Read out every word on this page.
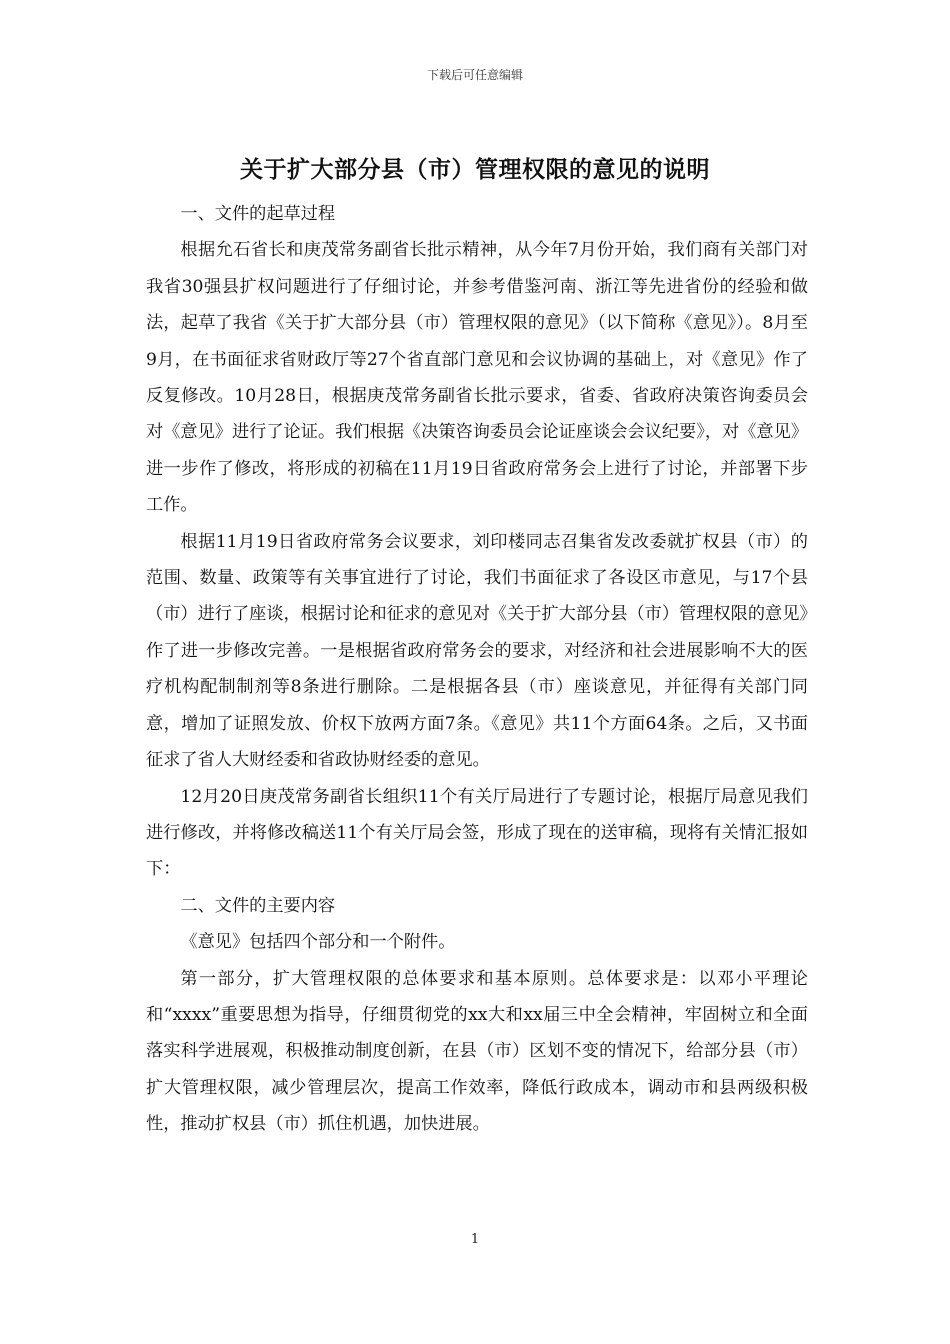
下载后可任意编辑
关于扩大部分县（市）管理权限的意见的说明

一、文件的起草过程

根据允石省长和庚茂常务副省长批示精神，从今年7月份开始，我们商有关部门对我省30强县扩权问题进行了仔细讨论，并参考借鉴河南、浙江等先进省份的经验和做法，起草了我省《关于扩大部分县（市）管理权限的意见》（以下简称《意见》）。8月至9月，在书面征求省财政厅等27个省直部门意见和会议协调的基础上，对《意见》作了反复修改。10月28日，根据庚茂常务副省长批示要求，省委、省政府决策咨询委员会对《意见》进行了论证。我们根据《决策咨询委员会论证座谈会会议纪要》，对《意见》进一步作了修改，将形成的初稿在11月19日省政府常务会上进行了讨论，并部署下步工作。

根据11月19日省政府常务会议要求，刘印楼同志召集省发改委就扩权县（市）的范围、数量、政策等有关事宜进行了讨论，我们书面征求了各设区市意见，与17个县（市）进行了座谈，根据讨论和征求的意见对《关于扩大部分县（市）管理权限的意见》作了进一步修改完善。一是根据省政府常务会的要求，对经济和社会进展影响不大的医疗机构配制制剂等8条进行删除。二是根据各县（市）座谈意见，并征得有关部门同意，增加了证照发放、价权下放两方面7条。《意见》共11个方面64条。之后，又书面征求了省人大财经委和省政协财经委的意见。

12月20日庚茂常务副省长组织11个有关厅局进行了专题讨论，根据厅局意见我们进行修改，并将修改稿送11个有关厅局会签，形成了现在的送审稿，现将有关情汇报如下：

二、文件的主要内容

《意见》包括四个部分和一个附件。

第一部分，扩大管理权限的总体要求和基本原则。总体要求是：以邓小平理论和“xxxx”重要思想为指导，仔细贯彻党的xx大和xx届三中全会精神，牢固树立和全面落实科学进展观，积极推动制度创新，在县（市）区划不变的情况下，给部分县（市）扩大管理权限，减少管理层次，提高工作效率，降低行政成本，调动市和县两级积极性，推动扩权县（市）抓住机遇，加快进展。

1
